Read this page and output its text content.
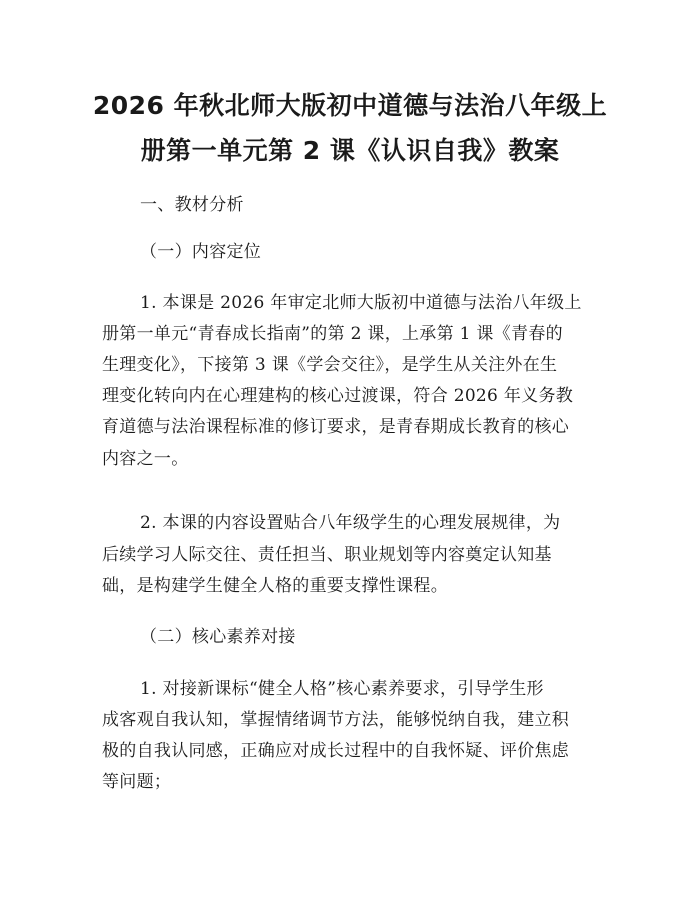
2026 年秋北师大版初中道德与法治八年级上
册第一单元第 2 课《认识自我》教案
一、教材分析
（一）内容定位
1. 本课是 2026 年审定北师大版初中道德与法治八年级上
册第一单元“青春成长指南”的第 2 课，上承第 1 课《青春的
生理变化》，下接第 3 课《学会交往》，是学生从关注外在生
理变化转向内在心理建构的核心过渡课，符合 2026 年义务教
育道德与法治课程标准的修订要求，是青春期成长教育的核心
内容之一。
2. 本课的内容设置贴合八年级学生的心理发展规律，为
后续学习人际交往、责任担当、职业规划等内容奠定认知基
础，是构建学生健全人格的重要支撑性课程。
（二）核心素养对接
1. 对接新课标“健全人格”核心素养要求，引导学生形
成客观自我认知，掌握情绪调节方法，能够悦纳自我，建立积
极的自我认同感，正确应对成长过程中的自我怀疑、评价焦虑
等问题；
